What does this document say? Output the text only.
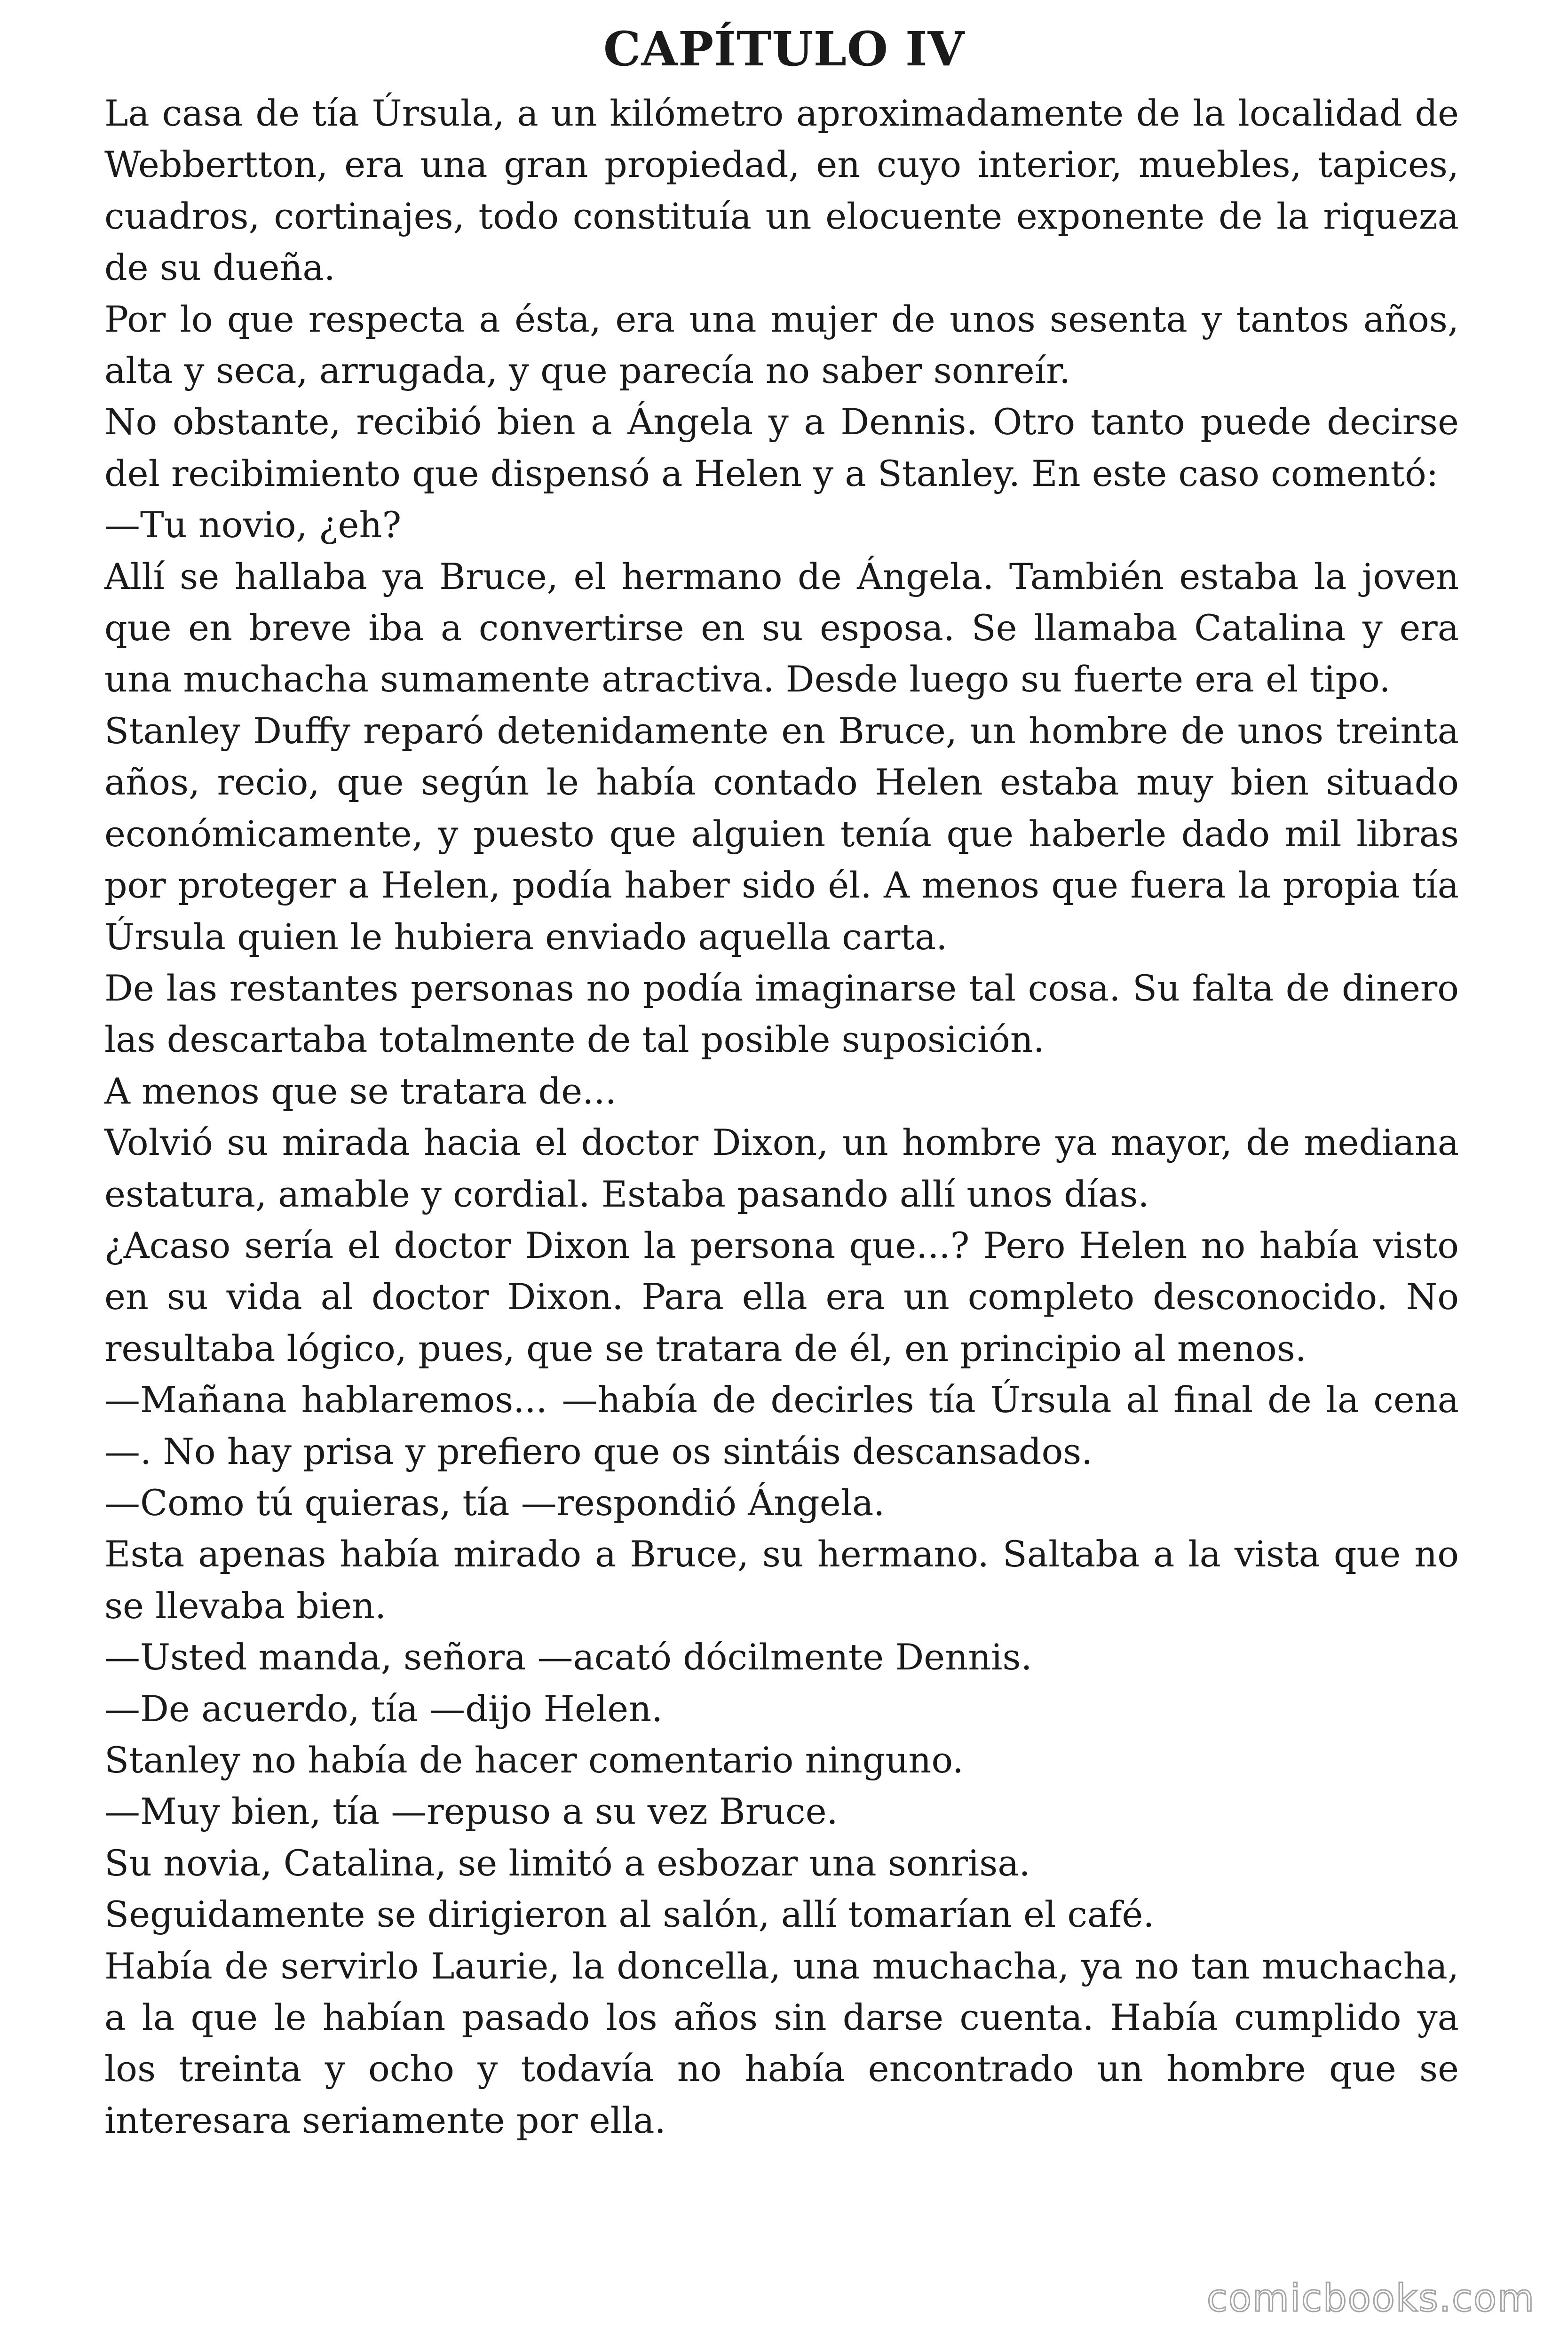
CAPÍTULO IV

La casa de tía Úrsula, a un kilómetro aproximadamente de la localidad de Webbertton, era una gran propiedad, en cuyo interior, muebles, tapices, cuadros, cortinajes, todo constituía un elocuente exponente de la riqueza de su dueña.

Por lo que respecta a ésta, era una mujer de unos sesenta y tantos años, alta y seca, arrugada, y que parecía no saber sonreír.

No obstante, recibió bien a Ángela y a Dennis. Otro tanto puede decirse del recibimiento que dispensó a Helen y a Stanley. En este caso comentó:

—Tu novio, ¿eh?

Allí se hallaba ya Bruce, el hermano de Ángela. También estaba la joven que en breve iba a convertirse en su esposa. Se llamaba Catalina y era una muchacha sumamente atractiva. Desde luego su fuerte era el tipo.

Stanley Duffy reparó detenidamente en Bruce, un hombre de unos treinta años, recio, que según le había contado Helen estaba muy bien situado económicamente, y puesto que alguien tenía que haberle dado mil libras por proteger a Helen, podía haber sido él. A menos que fuera la propia tía Úrsula quien le hubiera enviado aquella carta.

De las restantes personas no podía imaginarse tal cosa. Su falta de dinero las descartaba totalmente de tal posible suposición.

A menos que se tratara de...

Volvió su mirada hacia el doctor Dixon, un hombre ya mayor, de mediana estatura, amable y cordial. Estaba pasando allí unos días.

¿Acaso sería el doctor Dixon la persona que...? Pero Helen no había visto en su vida al doctor Dixon. Para ella era un completo desconocido. No resultaba lógico, pues, que se tratara de él, en principio al menos.

—Mañana hablaremos... —había de decirles tía Úrsula al final de la cena—. No hay prisa y prefiero que os sintáis descansados.

—Como tú quieras, tía —respondió Ángela.

Esta apenas había mirado a Bruce, su hermano. Saltaba a la vista que no se llevaba bien.

—Usted manda, señora —acató dócilmente Dennis.

—De acuerdo, tía —dijo Helen.

Stanley no había de hacer comentario ninguno.

—Muy bien, tía —repuso a su vez Bruce.

Su novia, Catalina, se limitó a esbozar una sonrisa.

Seguidamente se dirigieron al salón, allí tomarían el café.

Había de servirlo Laurie, la doncella, una muchacha, ya no tan muchacha, a la que le habían pasado los años sin darse cuenta. Había cumplido ya los treinta y ocho y todavía no había encontrado un hombre que se interesara seriamente por ella.

comicbooks.com
